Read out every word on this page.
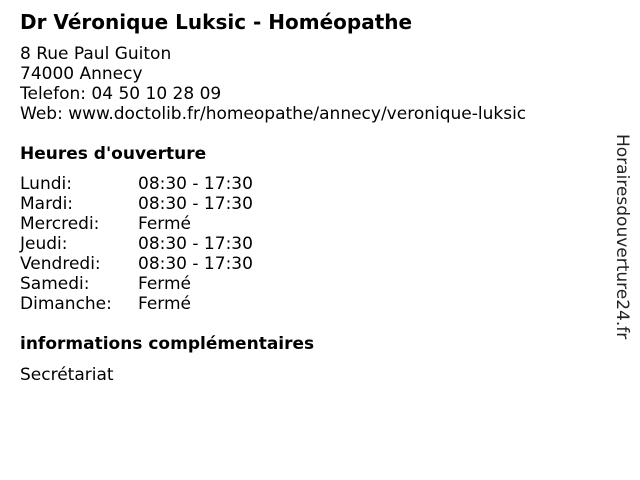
Dr Véronique Luksic - Homéopathe
8 Rue Paul Guiton
74000 Annecy
Telefon: 04 50 10 28 09
Web: www.doctolib.fr/homeopathe/annecy/veronique-luksic
Heures d'ouverture
Lundi:	08:30 - 17:30
Mardi:	08:30 - 17:30
Mercredi:	Fermé
Jeudi:	08:30 - 17:30
Vendredi:	08:30 - 17:30
Samedi:	Fermé
Dimanche:	Fermé
informations complémentaires
Secrétariat
Horairesdouverture24.fr
